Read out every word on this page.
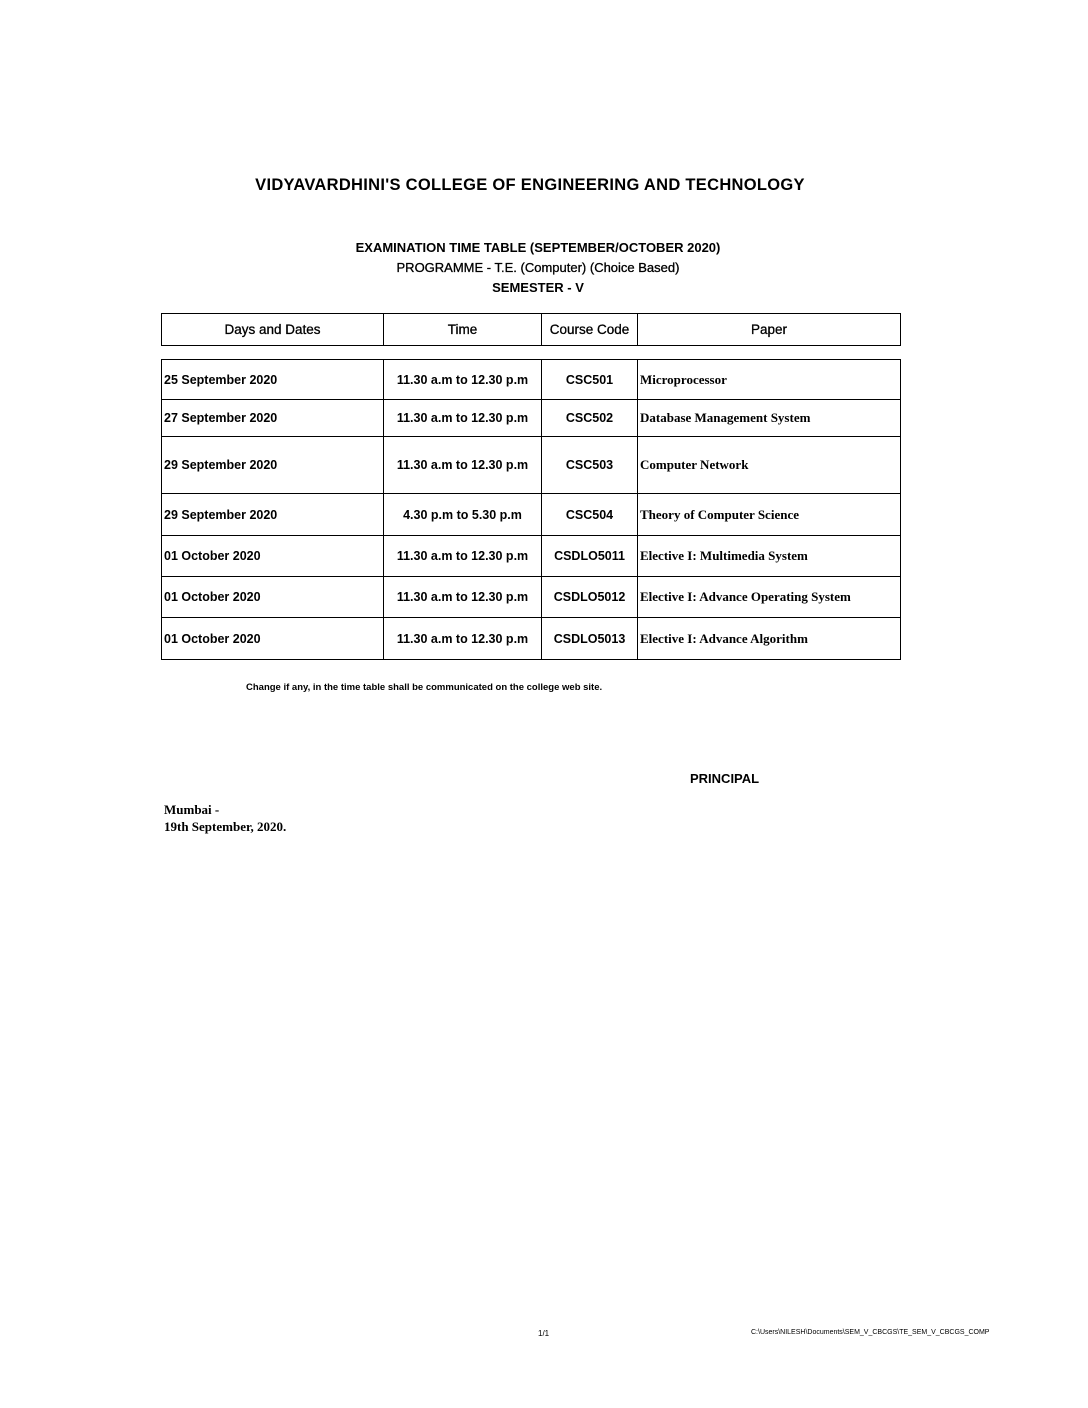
VIDYAVARDHINI'S COLLEGE OF ENGINEERING AND TECHNOLOGY
EXAMINATION TIME TABLE (SEPTEMBER/OCTOBER 2020)
PROGRAMME - T.E. (Computer) (Choice Based)
SEMESTER - V
Days and Dates	Time	Course Code	Paper
25 September 2020	11.30 a.m to 12.30 p.m	CSC501	Microprocessor
27 September 2020	11.30 a.m to 12.30 p.m	CSC502	Database Management System
29 September 2020	11.30 a.m to 12.30 p.m	CSC503	Computer Network
29 September 2020	4.30 p.m to 5.30 p.m	CSC504	Theory of Computer Science
01 October 2020	11.30 a.m to 12.30 p.m	CSDLO5011	Elective I: Multimedia System
01 October 2020	11.30 a.m to 12.30 p.m	CSDLO5012	Elective I: Advance Operating System
01 October 2020	11.30 a.m to 12.30 p.m	CSDLO5013	Elective I: Advance Algorithm
Change if any, in the time table shall be communicated on the college web site.
PRINCIPAL
Mumbai -
19th September, 2020.
1/1	C:\Users\NILESH\Documents\SEM_V_CBCGS\TE_SEM_V_CBCGS_COMP
